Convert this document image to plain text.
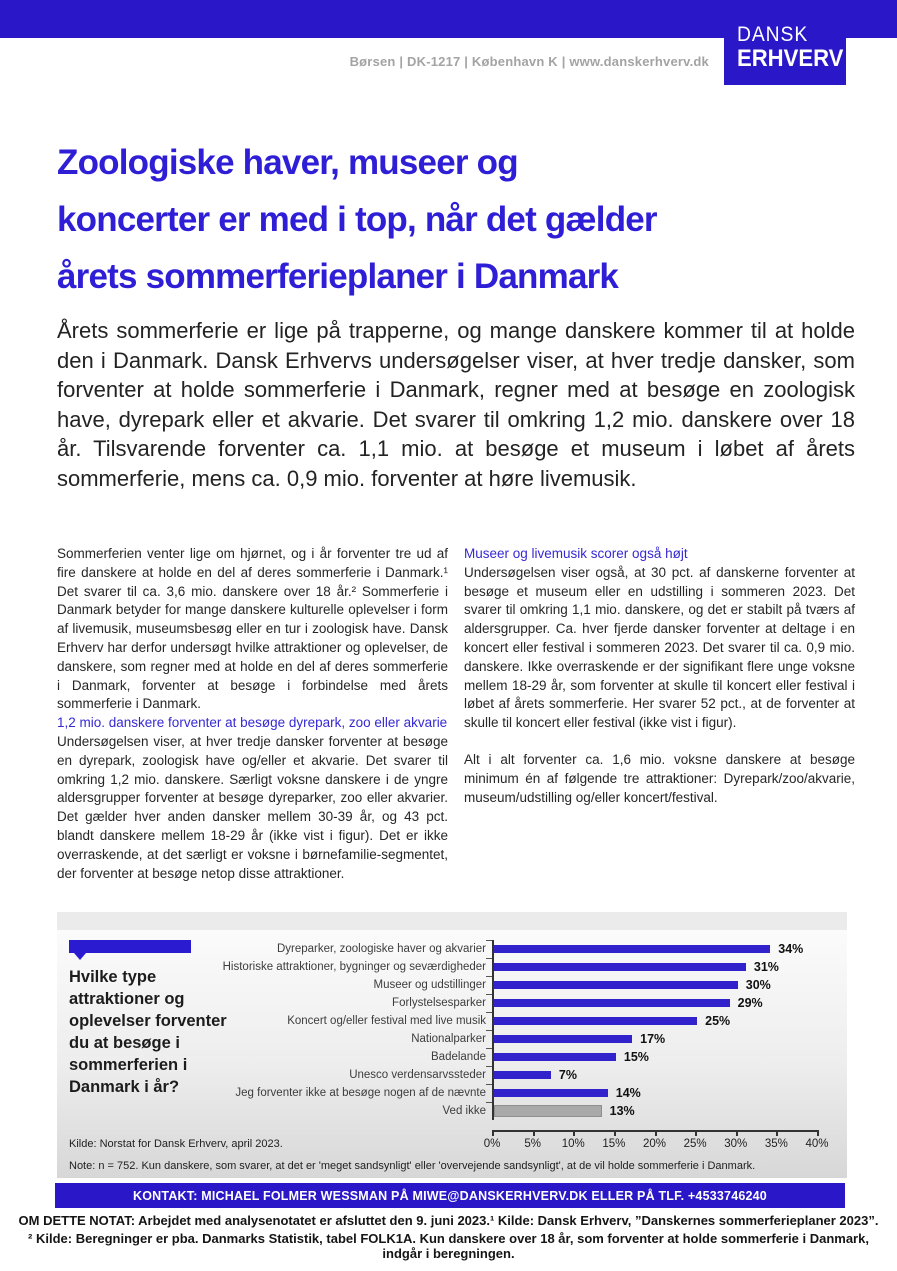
DANSK
ERHVERV
Børsen | DK-1217 | København K | www.danskerhverv.dk
Zoologiske haver, museer og
koncerter er med i top, når det gælder
årets sommerferieplaner i Danmark
Årets sommerferie er lige på trapperne, og mange danskere kommer til at holde den i Danmark. Dansk Erhvervs undersøgelser viser, at hver tredje dansker, som forventer at holde sommerferie i Danmark, regner med at besøge en zoologisk have, dyrepark eller et akvarie. Det svarer til omkring 1,2 mio. danskere over 18 år. Tilsvarende forventer ca. 1,1 mio. at besøge et museum i løbet af årets sommerferie, mens ca. 0,9 mio. forventer at høre livemusik.

Sommerferien venter lige om hjørnet, og i år forventer tre ud af fire danskere at holde en del af deres sommerferie i Danmark.¹ Det svarer til ca. 3,6 mio. danskere over 18 år.² Sommerferie i Danmark betyder for mange danskere kulturelle oplevelser i form af livemusik, museumsbesøg eller en tur i zoologisk have. Dansk Erhverv har derfor undersøgt hvilke attraktioner og oplevelser, de danskere, som regner med at holde en del af deres sommerferie i Danmark, forventer at besøge i forbindelse med årets sommerferie i Danmark.

1,2 mio. danskere forventer at besøge dyrepark, zoo eller akvarie

Undersøgelsen viser, at hver tredje dansker forventer at besøge en dyrepark, zoologisk have og/eller et akvarie. Det svarer til omkring 1,2 mio. danskere. Særligt voksne danskere i de yngre aldersgrupper forventer at besøge dyreparker, zoo eller akvarier. Det gælder hver anden dansker mellem 30-39 år, og 43 pct. blandt danskere mellem 18-29 år (ikke vist i figur). Det er ikke overraskende, at det særligt er voksne i børnefamilie-segmentet, der forventer at besøge netop disse attraktioner.

Museer og livemusik scorer også højt

Undersøgelsen viser også, at 30 pct. af danskerne forventer at besøge et museum eller en udstilling i sommeren 2023. Det svarer til omkring 1,1 mio. danskere, og det er stabilt på tværs af aldersgrupper. Ca. hver fjerde dansker forventer at deltage i en koncert eller festival i sommeren 2023. Det svarer til ca. 0,9 mio. danskere. Ikke overraskende er der signifikant flere unge voksne mellem 18-29 år, som forventer at skulle til koncert eller festival i løbet af årets sommerferie. Her svarer 52 pct., at de forventer at skulle til koncert eller festival (ikke vist i figur).

Alt i alt forventer ca. 1,6 mio. voksne danskere at besøge minimum én af følgende tre attraktioner: Dyrepark/zoo/akvarie, museum/udstilling og/eller koncert/festival.

Hvilke type attraktioner og oplevelser forventer du at besøge i sommerferien i Danmark i år?
Dyreparker, zoologiske haver og akvarier	34%
Historiske attraktioner, bygninger og seværdigheder	31%
Museer og udstillinger	30%
Forlystelsesparker	29%
Koncert og/eller festival med live musik	25%
Nationalparker	17%
Badelande	15%
Unesco verdensarvssteder	7%
Jeg forventer ikke at besøge nogen af de nævnte	14%
Ved ikke	13%
0% 5% 10% 15% 20% 25% 30% 35% 40%
Kilde: Norstat for Dansk Erhverv, april 2023.
Note: n = 752. Kun danskere, som svarer, at det er 'meget sandsynligt' eller 'overvejende sandsynligt', at de vil holde sommerferie i Danmark.
KONTAKT: MICHAEL FOLMER WESSMAN PÅ MIWE@DANSKERHVERV.DK ELLER PÅ TLF. +4533746240
OM DETTE NOTAT: Arbejdet med analysenotatet er afsluttet den 9. juni 2023.¹ Kilde: Dansk Erhverv, ”Danskernes sommerferieplaner 2023”.
² Kilde: Beregninger er pba. Danmarks Statistik, tabel FOLK1A. Kun danskere over 18 år, som forventer at holde sommerferie i Danmark, indgår i beregningen.
